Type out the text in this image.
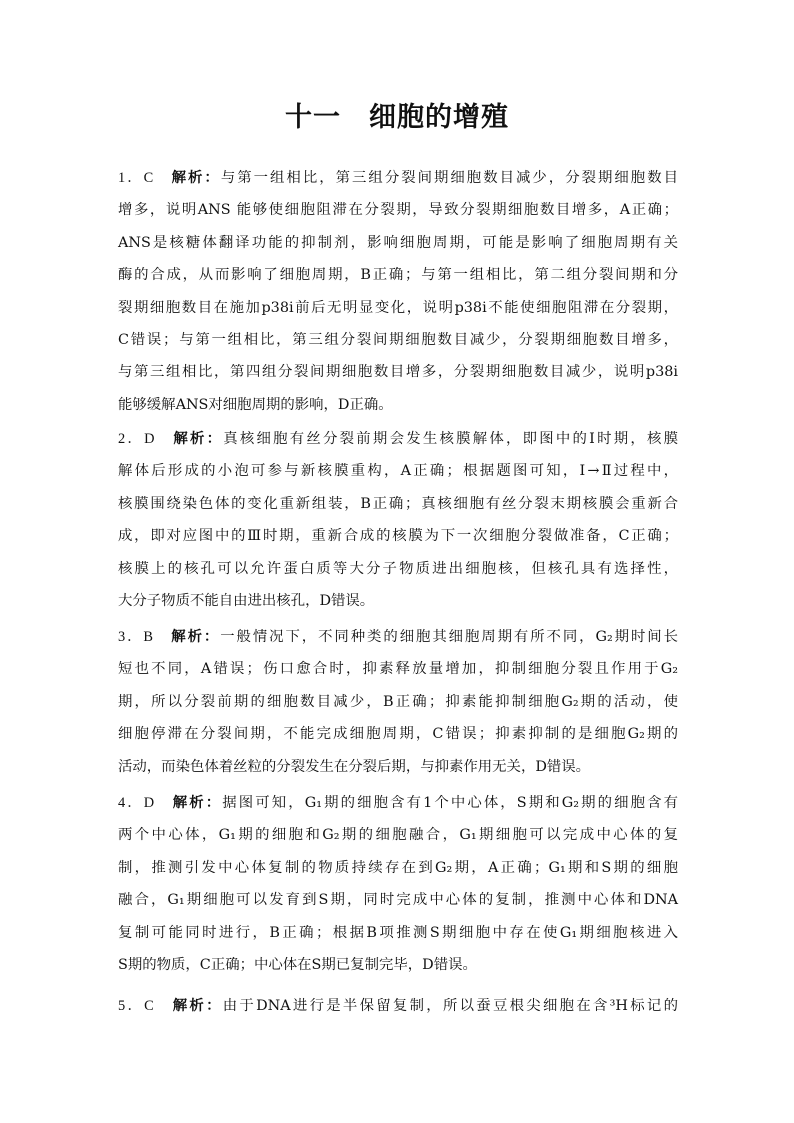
十一　细胞的增殖
1．C　 解析：与第一组相比，第三组分裂间期细胞数目减少，分裂期细胞数目
增多，说明ANS 能够使细胞阻滞在分裂期，导致分裂期细胞数目增多，A正确；
ANS是核糖体翻译功能的抑制剂，影响细胞周期，可能是影响了细胞周期有关
酶的合成，从而影响了细胞周期，B正确；与第一组相比，第二组分裂间期和分
裂期细胞数目在施加p38i前后无明显变化，说明p38i不能使细胞阻滞在分裂期，
C错误；与第一组相比，第三组分裂间期细胞数目减少，分裂期细胞数目增多，
与第三组相比，第四组分裂间期细胞数目增多，分裂期细胞数目减少，说明p38i
能够缓解ANS对细胞周期的影响，D正确。
2．D　 解析：真核细胞有丝分裂前期会发生核膜解体，即图中的Ⅰ时期，核膜
解体后形成的小泡可参与新核膜重构，A正确；根据题图可知，Ⅰ→Ⅱ过程中，
核膜围绕染色体的变化重新组装，B正确；真核细胞有丝分裂末期核膜会重新合
成，即对应图中的Ⅲ时期，重新合成的核膜为下一次细胞分裂做准备，C正确；
核膜上的核孔可以允许蛋白质等大分子物质进出细胞核，但核孔具有选择性，
大分子物质不能自由进出核孔，D错误。
3．B　 解析：一般情况下，不同种类的细胞其细胞周期有所不同，G₂期时间长
短也不同，A错误；伤口愈合时，抑素释放量增加，抑制细胞分裂且作用于G₂
期，所以分裂前期的细胞数目减少，B正确；抑素能抑制细胞G₂期的活动，使
细胞停滞在分裂间期，不能完成细胞周期，C错误；抑素抑制的是细胞G₂期的
活动，而染色体着丝粒的分裂发生在分裂后期，与抑素作用无关，D错误。
4．D　 解析：据图可知，G₁期的细胞含有1个中心体，S期和G₂期的细胞含有
两个中心体，G₁期的细胞和G₂期的细胞融合，G₁期细胞可以完成中心体的复
制，推测引发中心体复制的物质持续存在到G₂期，A正确；G₁期和S期的细胞
融合，G₁期细胞可以发育到S期，同时完成中心体的复制，推测中心体和DNA
复制可能同时进行，B正确；根据B项推测S期细胞中存在使G₁期细胞核进入
S期的物质，C正确；中心体在S期已复制完毕，D错误。
5．C　 解析：由于DNA进行是半保留复制，所以蚕豆根尖细胞在含³H标记的
